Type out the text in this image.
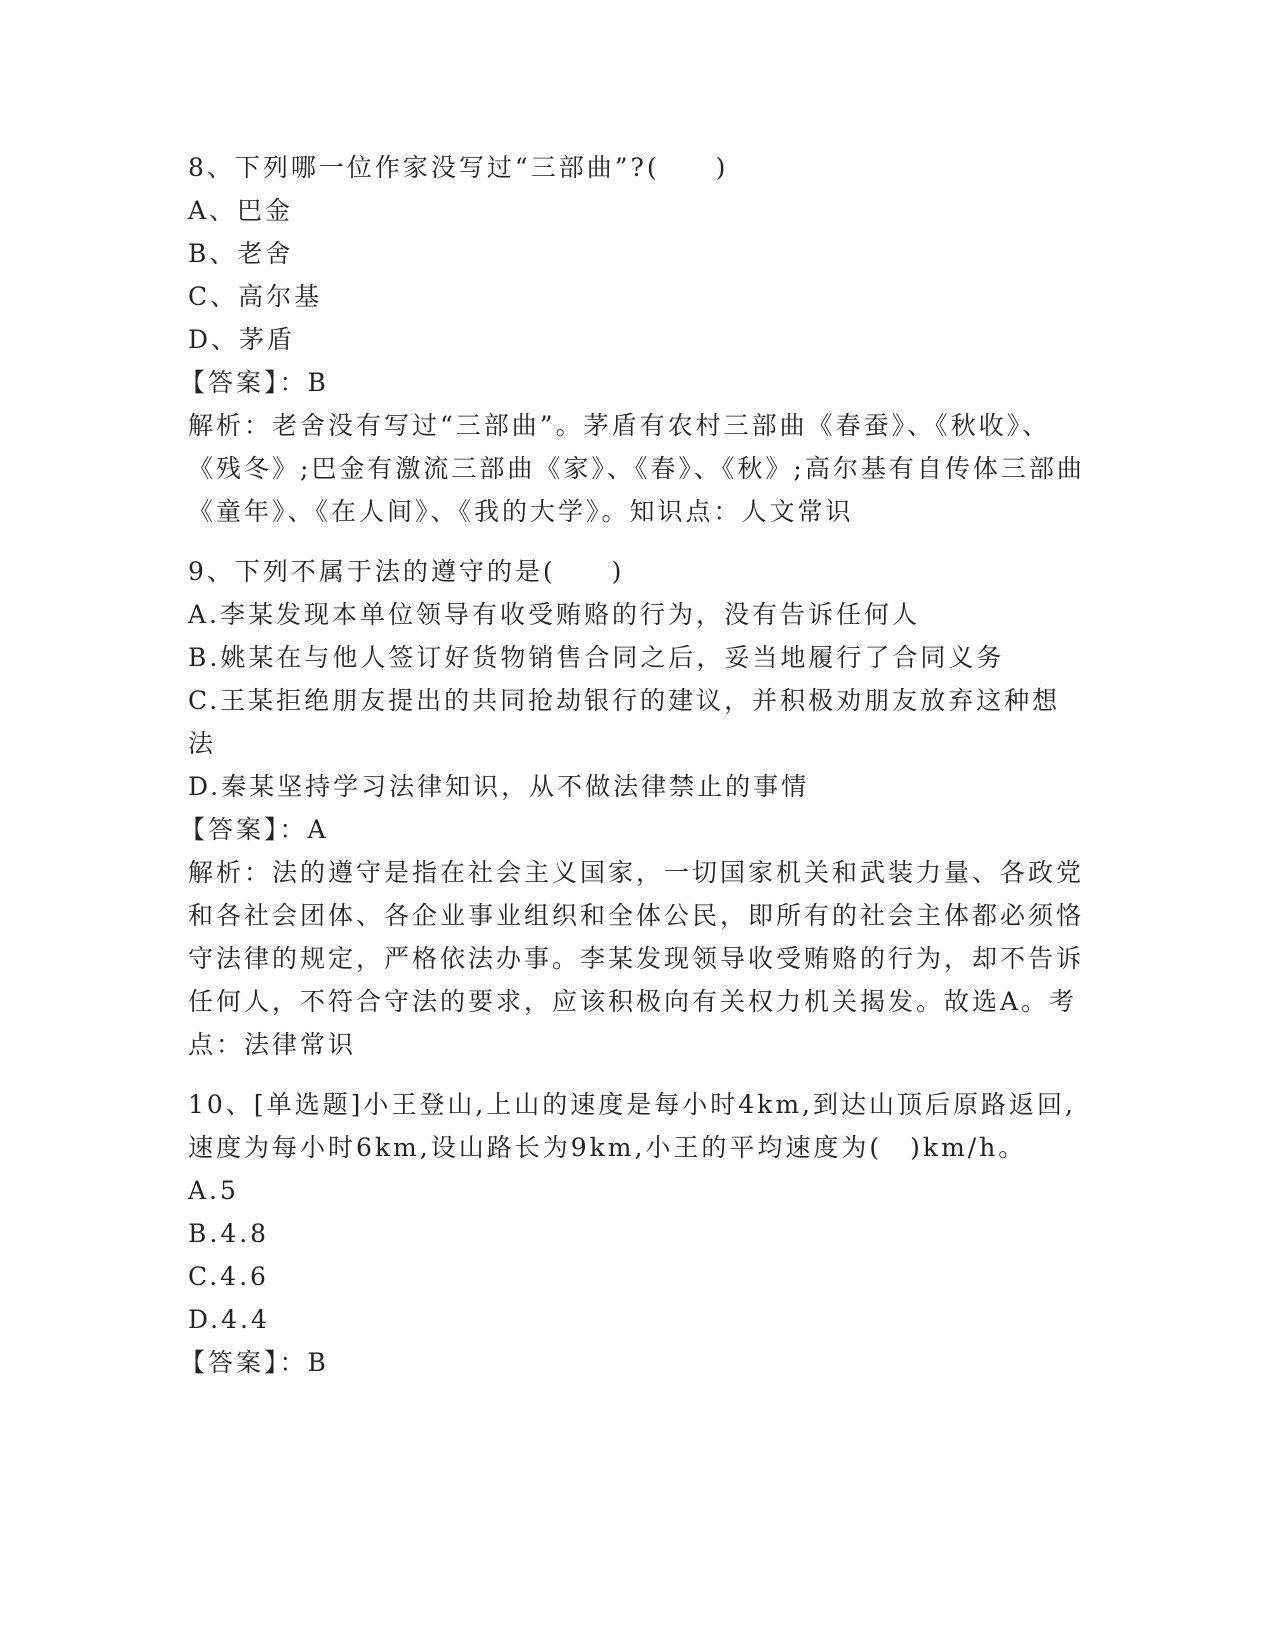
8、下列哪一位作家没写过“三部曲”?(　　)
A、巴金
B、老舍
C、高尔基
D、茅盾
【答案】：B
解析：老舍没有写过“三部曲”。茅盾有农村三部曲《春蚕》、《秋收》、《残冬》;巴金有激流三部曲《家》、《春》、《秋》;高尔基有自传体三部曲《童年》、《在人间》、《我的大学》。知识点：人文常识
9、下列不属于法的遵守的是(　　)
A.李某发现本单位领导有收受贿赂的行为，没有告诉任何人
B.姚某在与他人签订好货物销售合同之后，妥当地履行了合同义务
C.王某拒绝朋友提出的共同抢劫银行的建议，并积极劝朋友放弃这种想法
D.秦某坚持学习法律知识，从不做法律禁止的事情
【答案】：A
解析：法的遵守是指在社会主义国家，一切国家机关和武装力量、各政党和各社会团体、各企业事业组织和全体公民，即所有的社会主体都必须恪守法律的规定，严格依法办事。李某发现领导收受贿赂的行为，却不告诉任何人，不符合守法的要求，应该积极向有关权力机关揭发。故选A。考点：法律常识
10、[单选题]小王登山,上山的速度是每小时4km,到达山顶后原路返回,速度为每小时6km,设山路长为9km,小王的平均速度为(　)km/h。
A.5
B.4.8
C.4.6
D.4.4
【答案】：B
